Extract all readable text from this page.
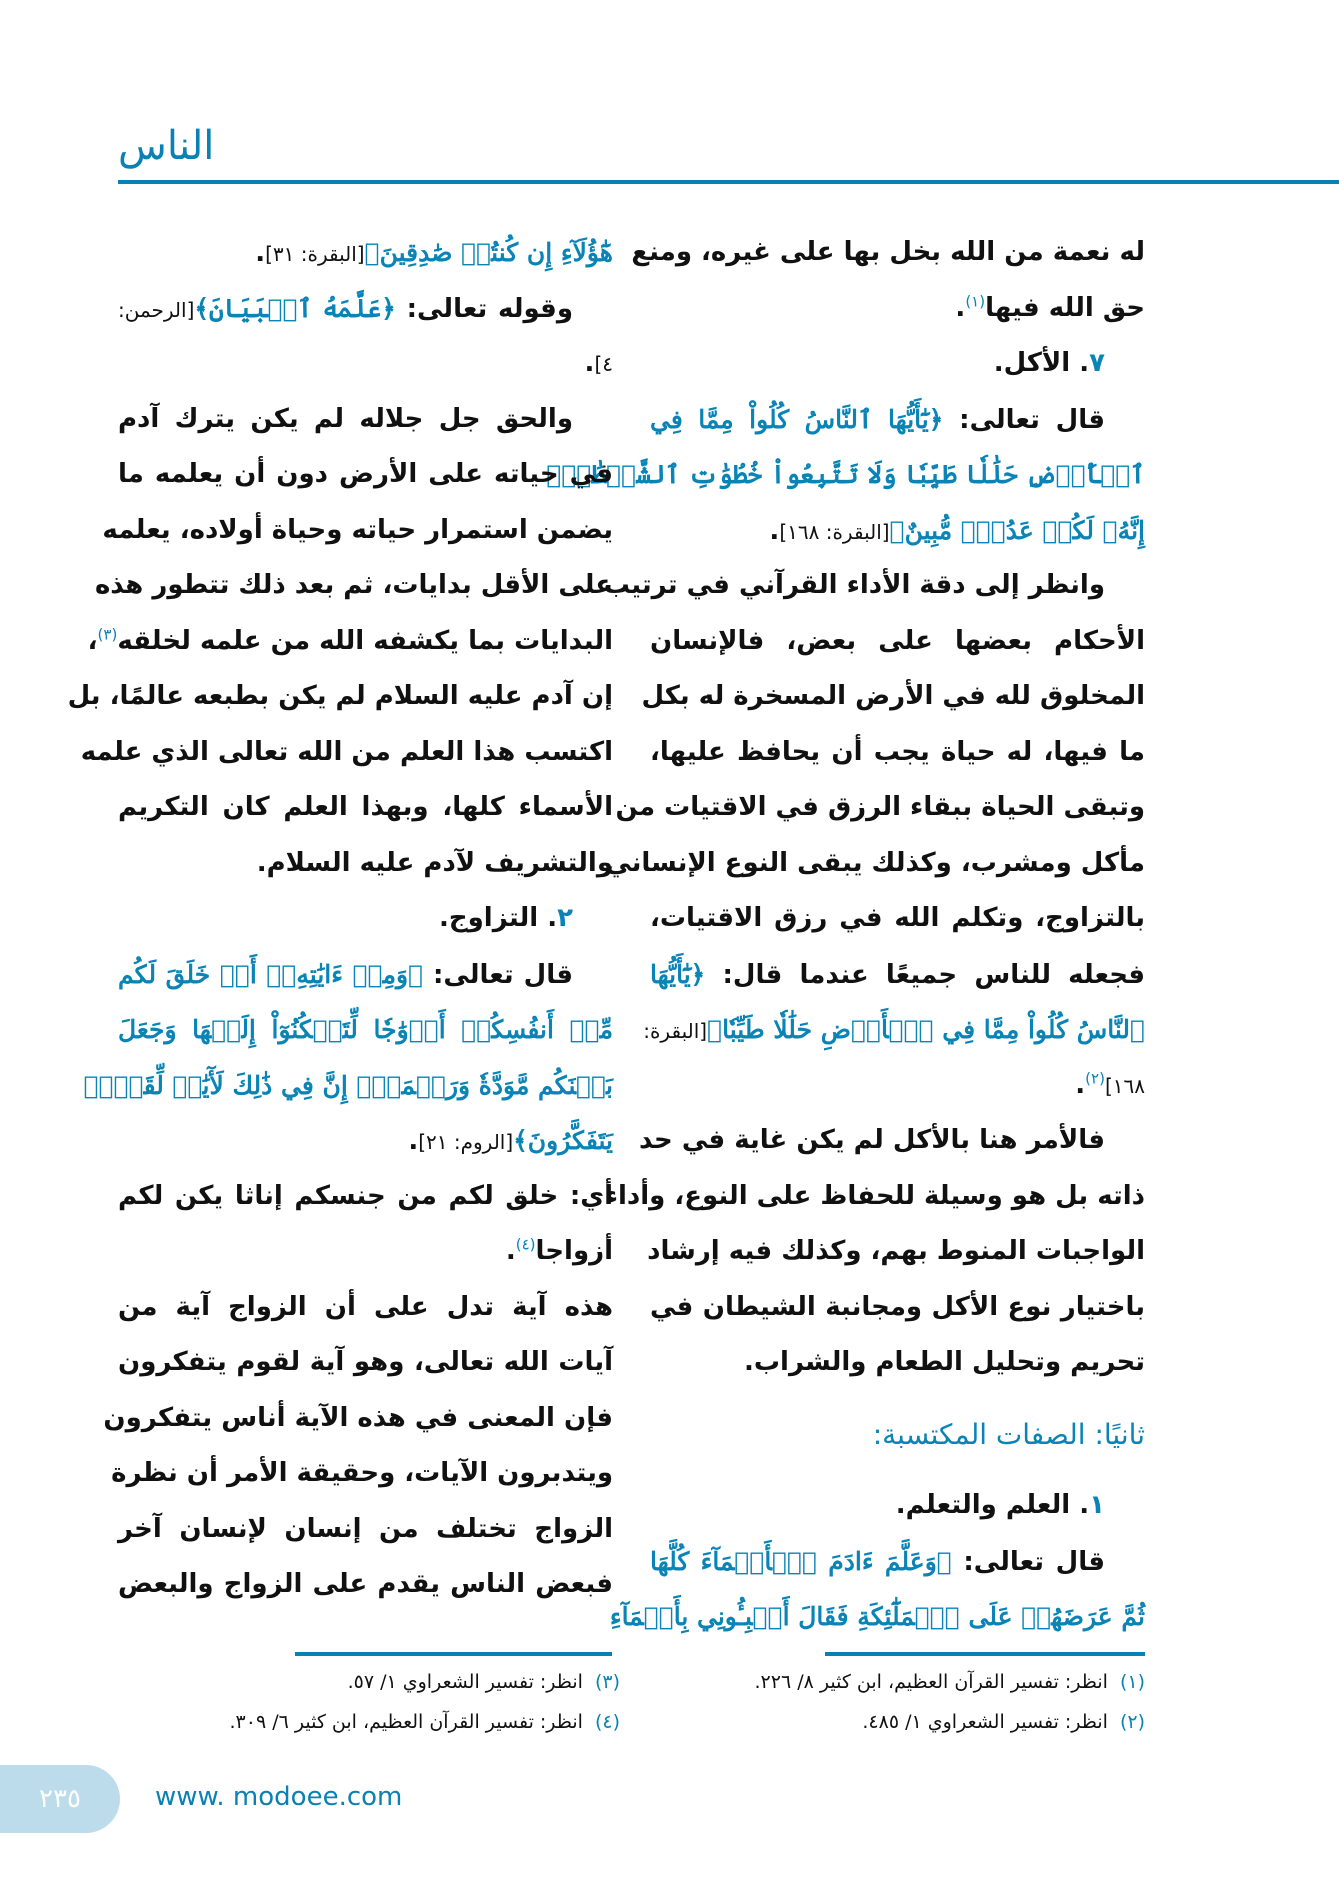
الناس
له نعمة من الله بخل بها على غيره، ومنع
حق الله فيها$^{(١)}$.
٧. الأكل.
قال تعالى: ﴿يَٰٓأَيُّهَا ٱلنَّاسُ كُلُواْ مِمَّا فِي
ٱلۡأَرۡضِ حَلَٰلٗا طَيِّبٗا وَلَا تَتَّبِعُواْ خُطُوَٰتِ ٱلشَّيۡطَٰنِۚ
إِنَّهُۥ لَكُمۡ عَدُوّٞ مُّبِينٌ﴾[البقرة: ١٦٨].
وانظر إلى دقة الأداء القرآني في ترتيب
الأحكام بعضها على بعض، فالإنسان
المخلوق لله في الأرض المسخرة له بكل
ما فيها، له حياة يجب أن يحافظ عليها،
وتبقى الحياة ببقاء الرزق في الاقتيات من
مأكل ومشرب، وكذلك يبقى النوع الإنساني
بالتزاوج، وتكلم الله في رزق الاقتيات،
فجعله للناس جميعًا عندما قال: ﴿يَٰٓأَيُّهَا
ٱلنَّاسُ كُلُواْ مِمَّا فِي ٱلۡأَرۡضِ حَلَٰلٗا طَيِّبٗا﴾[البقرة:
١٦٨]$^{(٢)}$.
فالأمر هنا بالأكل لم يكن غاية في حد
ذاته بل هو وسيلة للحفاظ على النوع، وأداء
الواجبات المنوط بهم، وكذلك فيه إرشاد
باختيار نوع الأكل ومجانبة الشيطان في
تحريم وتحليل الطعام والشراب.
ثانيًا: الصفات المكتسبة:
١. العلم والتعلم.
قال تعالى: ﴿وَعَلَّمَ ءَادَمَ ٱلۡأَسۡمَآءَ كُلَّهَا
ثُمَّ عَرَضَهُمۡ عَلَى ٱلۡمَلَٰٓئِكَةِ فَقَالَ أَنۢبِـُٔونِي بِأَسۡمَآءِ
هَٰٓؤُلَآءِ إِن كُنتُمۡ صَٰدِقِينَ﴾[البقرة: ٣١].
وقوله تعالى: ﴿عَلَّمَهُ ٱلۡبَيَانَ﴾[الرحمن:
٤].
والحق جل جلاله لم يكن يترك آدم
في حياته على الأرض دون أن يعلمه ما
يضمن استمرار حياته وحياة أولاده، يعلمه
على الأقل بدايات، ثم بعد ذلك تتطور هذه
البدايات بما يكشفه الله من علمه لخلقه$^{(٣)}$،
إن آدم عليه السلام لم يكن بطبعه عالمًا، بل
اكتسب هذا العلم من الله تعالى الذي علمه
الأسماء كلها، وبهذا العلم كان التكريم
والتشريف لآدم عليه السلام.
٢. التزاوج.
قال تعالى: ﴿وَمِنۡ ءَايَٰتِهِۦٓ أَنۡ خَلَقَ لَكُم
مِّنۡ أَنفُسِكُمۡ أَزۡوَٰجٗا لِّتَسۡكُنُوٓاْ إِلَيۡهَا وَجَعَلَ
بَيۡنَكُم مَّوَدَّةٗ وَرَحۡمَةًۚ إِنَّ فِي ذَٰلِكَ لَأٓيَٰتٖ لِّقَوۡمٖ
يَتَفَكَّرُونَ﴾[الروم: ٢١].
أي: خلق لكم من جنسكم إناثا يكن لكم
أزواجا$^{(٤)}$.
هذه آية تدل على أن الزواج آية من
آيات الله تعالى، وهو آية لقوم يتفكرون
فإن المعنى في هذه الآية أناس يتفكرون
ويتدبرون الآيات، وحقيقة الأمر أن نظرة
الزواج تختلف من إنسان لإنسان آخر
فبعض الناس يقدم على الزواج والبعض
(١)انظر: تفسير القرآن العظيم، ابن كثير ٨/ ٢٢٦.
(٢)انظر: تفسير الشعراوي ١/ ٤٨٥.
(٣)انظر: تفسير الشعراوي ١/ ٥٧.
(٤)انظر: تفسير القرآن العظيم، ابن كثير ٦/ ٣٠٩.
٢٣٥	www. modoee.com
